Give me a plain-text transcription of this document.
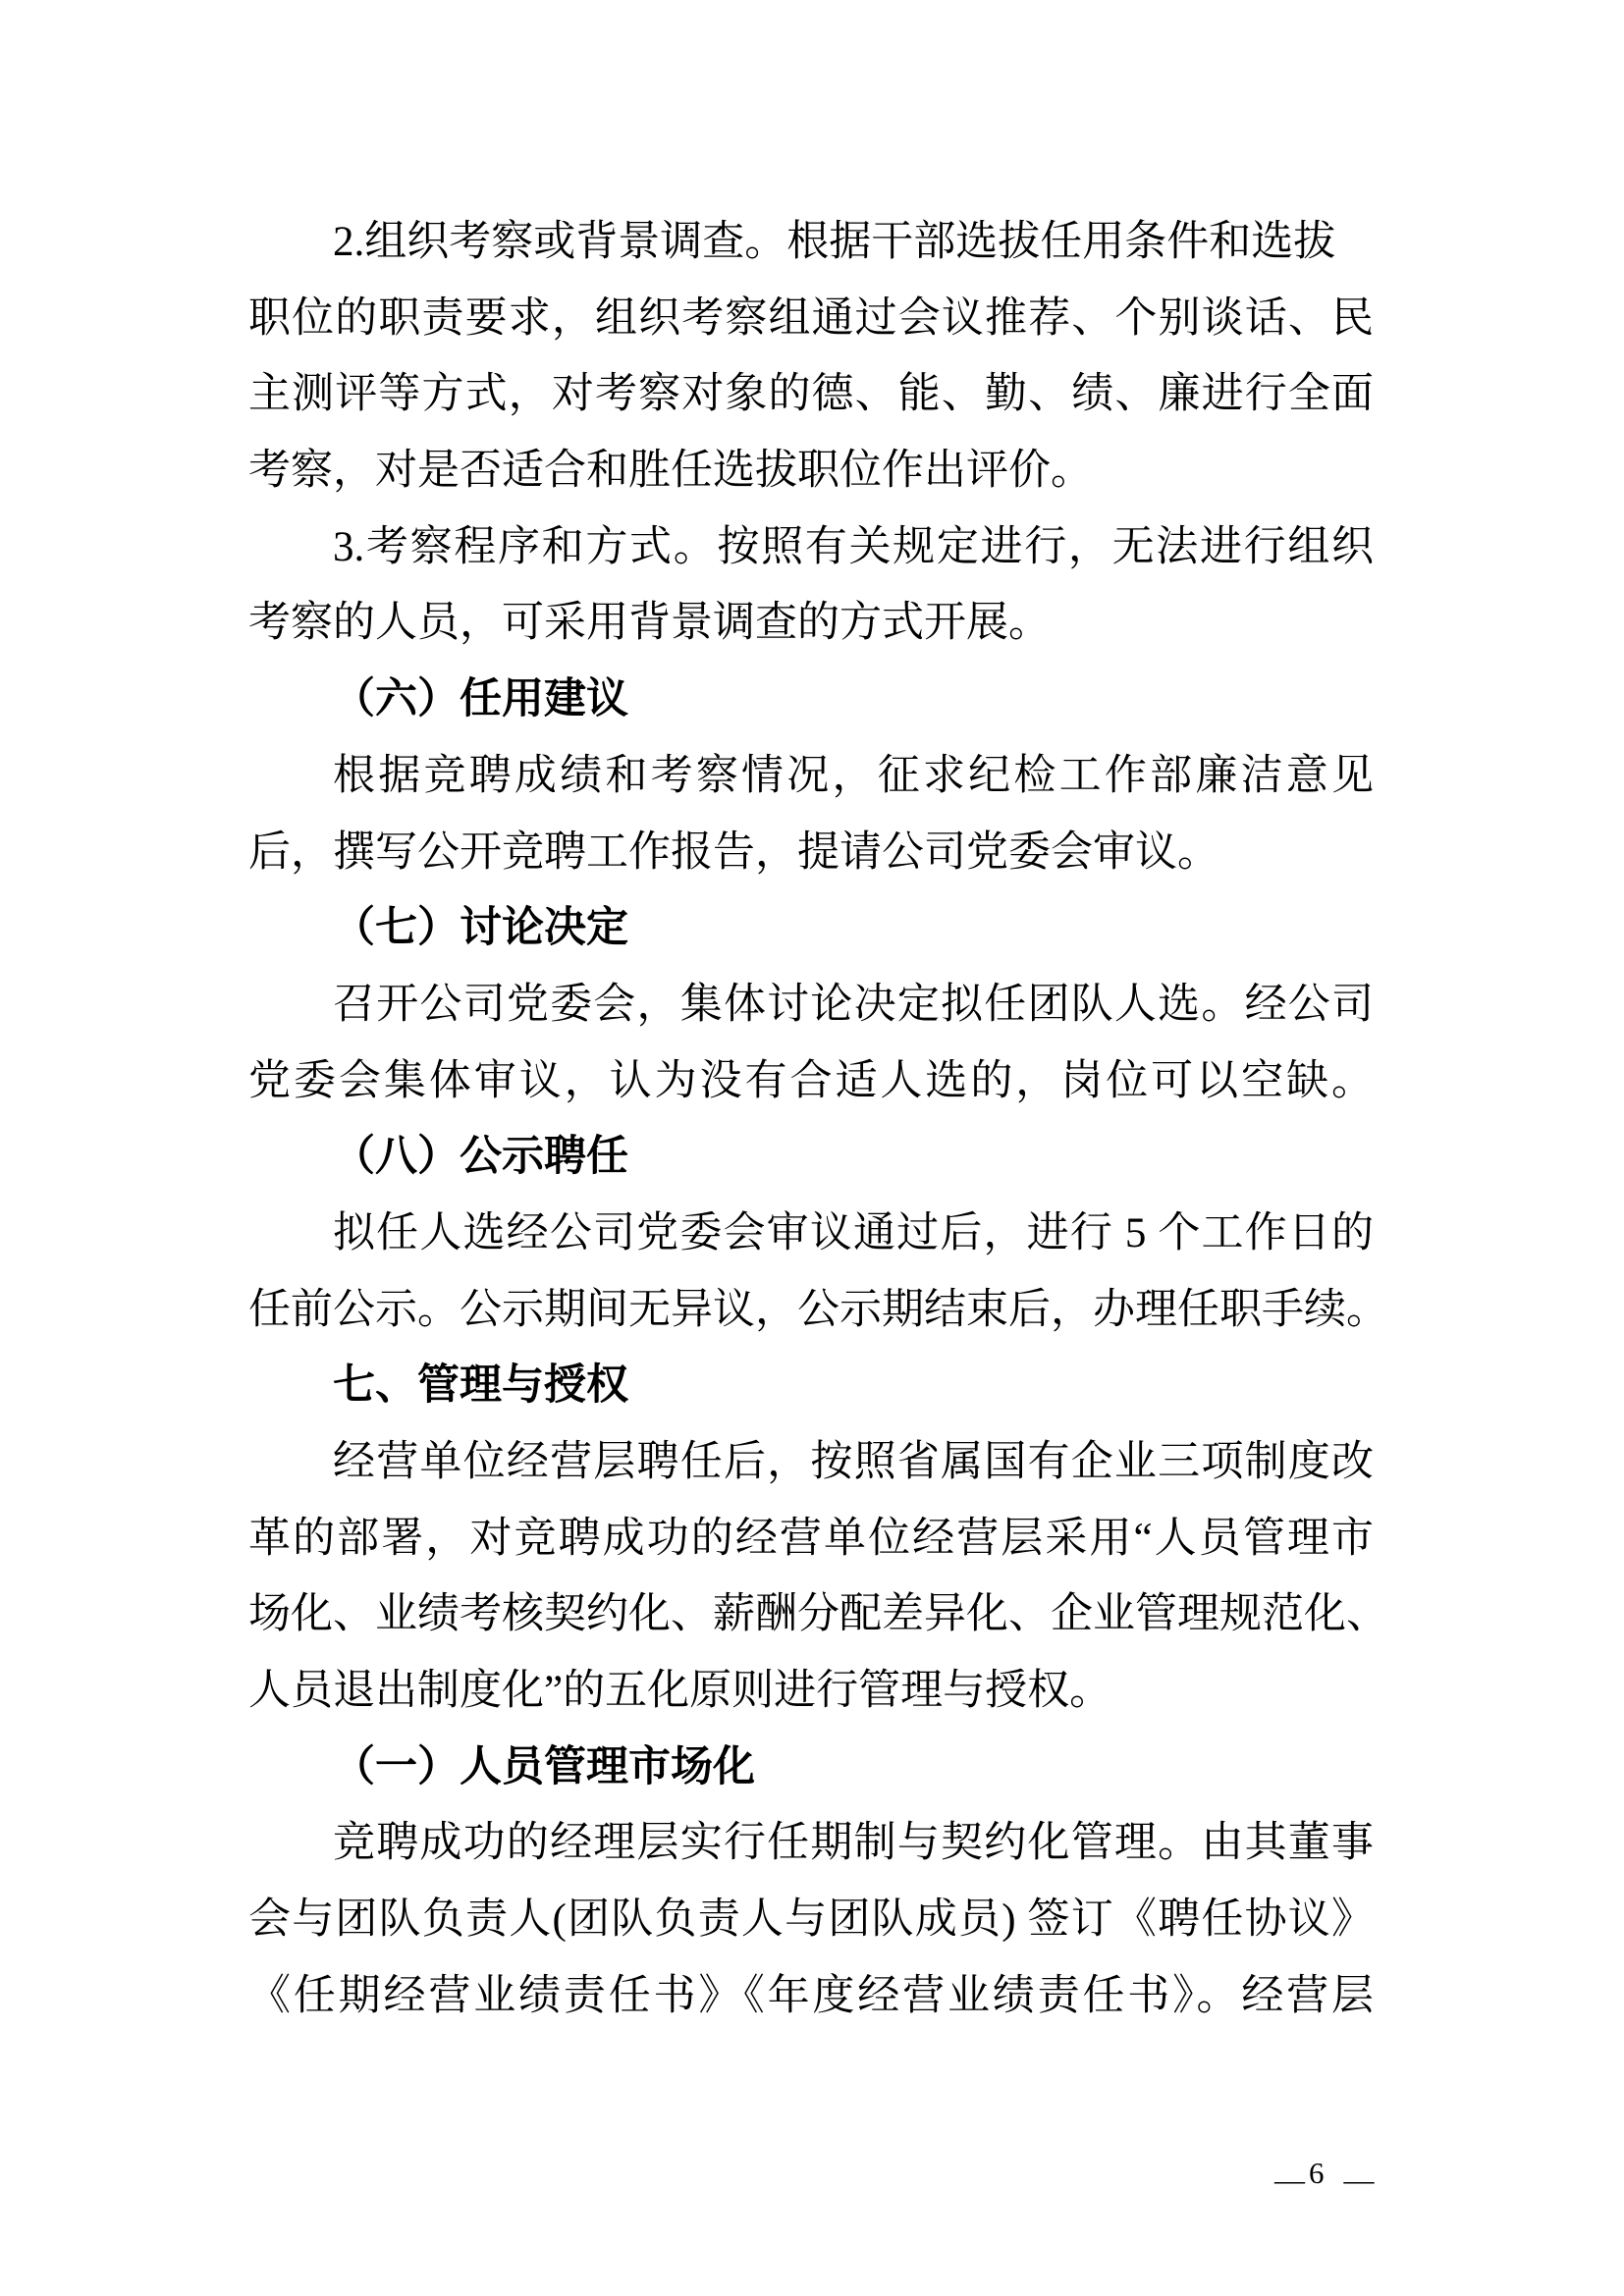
2.组织考察或背景调查。根据干部选拔任用条件和选拔
职位的职责要求，组织考察组通过会议推荐、个别谈话、民
主测评等方式，对考察对象的德、能、勤、绩、廉进行全面
考察，对是否适合和胜任选拔职位作出评价。
3.考察程序和方式。按照有关规定进行，无法进行组织
考察的人员，可采用背景调查的方式开展。
（六）任用建议
根据竞聘成绩和考察情况，征求纪检工作部廉洁意见
后，撰写公开竞聘工作报告，提请公司党委会审议。
（七）讨论决定
召开公司党委会，集体讨论决定拟任团队人选。经公司
党委会集体审议，认为没有合适人选的，岗位可以空缺。
（八）公示聘任
拟任人选经公司党委会审议通过后，进行 5 个工作日的
任前公示。公示期间无异议，公示期结束后，办理任职手续。
七、管理与授权
经营单位经营层聘任后，按照省属国有企业三项制度改
革的部署，对竞聘成功的经营单位经营层采用“人员管理市
场化、业绩考核契约化、薪酬分配差异化、企业管理规范化、
人员退出制度化”的五化原则进行管理与授权。
（一）人员管理市场化
竞聘成功的经理层实行任期制与契约化管理。由其董事
会与团队负责人(团队负责人与团队成员) 签订《聘任协议》
《任期经营业绩责任书》《年度经营业绩责任书》。经营层
— 6 —
